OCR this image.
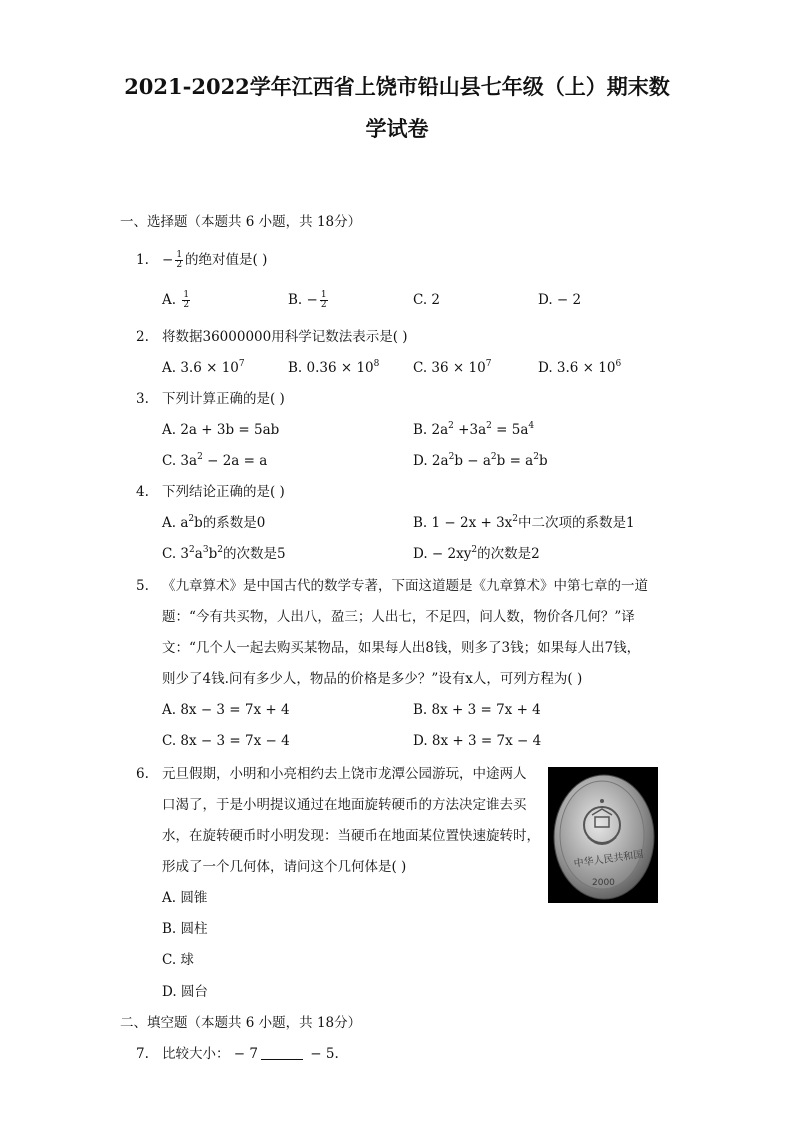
2021-2022学年江西省上饶市铅山县七年级（上）期末数
学试卷
一、选择题（本题共 6 小题，共 18分）
1. − $\frac{1}{2}$ 的绝对值是( )
A. $\frac{1}{2}$	B. − $\frac{1}{2}$	C. 2	D. − 2
2. 将数据36000000用科学记数法表示是( )
A. $3.6 \times 10^7$	B. $0.36 \times 10^8$ C. $36 \times 10^7$	D. $3.6 \times 10^6$
3. 下列计算正确的是( )
A. 2a + 3b = 5ab	B. $2a^2 +3a^2 = 5a^4$
C. $3a^2 - 2a = a$	D. $2a^2b - a^2b = a^2b$
4. 下列结论正确的是( )
A. $a^2b$的系数是0	B. $1 - 2x + 3x^2$中二次项的系数是1
C. $3^2a^3b^2$的次数是5	D. − $2xy^2$的次数是2
5. 《九章算术》是中国古代的数学专著，下面这道题是《九章算术》中第七章的一道
题：“今有共买物，人出八，盈三；人出七，不足四，问人数，物价各几何？”译
文：“几个人一起去购买某物品，如果每人出8钱，则多了3钱；如果每人出7钱，
则少了4钱.问有多少人，物品的价格是多少？”设有x人，可列方程为( )
A. 8x − 3 = 7x + 4	B. 8x + 3 = 7x + 4
C. 8x − 3 = 7x − 4	D. 8x + 3 = 7x − 4
6. 元旦假期，小明和小亮相约去上饶市龙潭公园游玩，中途两人
口渴了，于是小明提议通过在地面旋转硬币的方法决定谁去买
水，在旋转硬币时小明发现：当硬币在地面某位置快速旋转时，
形成了一个几何体，请问这个几何体是( )
A. 圆锥
B. 圆柱
C. 球
D. 圆台
中华人民共和国
2000
二、填空题（本题共 6 小题，共 18分）
7. 比较大小： − 7	− 5.
